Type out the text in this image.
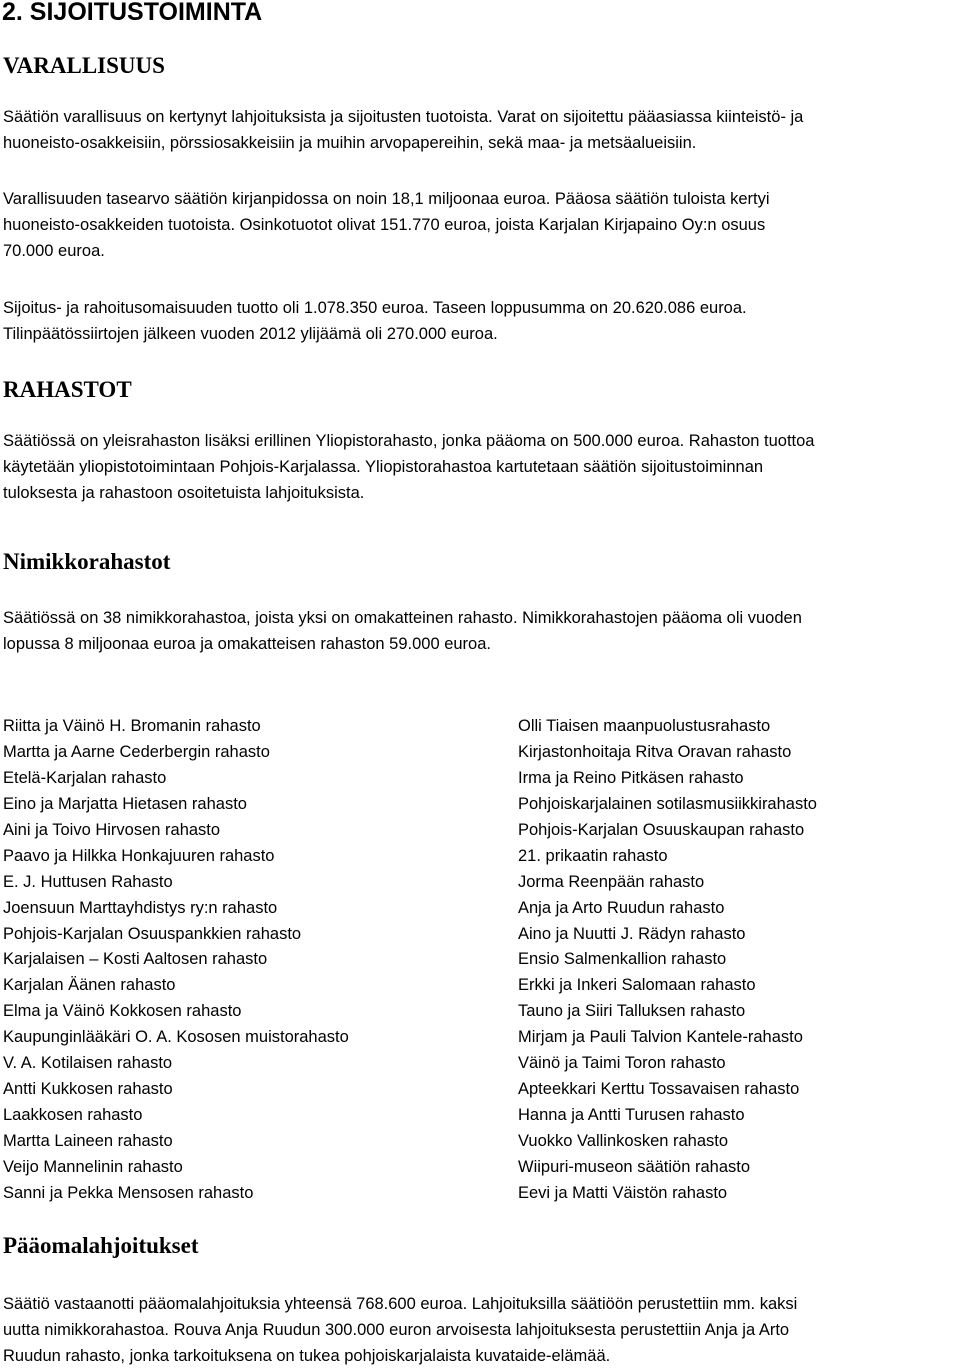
2. SIJOITUSTOIMINTA
VARALLISUUS
Säätiön varallisuus on kertynyt lahjoituksista ja sijoitusten tuotoista. Varat on sijoitettu pääasiassa kiinteistö- ja
huoneisto-osakkeisiin, pörssiosakkeisiin ja muihin arvopapereihin, sekä maa- ja metsäalueisiin.
Varallisuuden tasearvo säätiön kirjanpidossa on noin 18,1 miljoonaa euroa. Pääosa säätiön tuloista kertyi
huoneisto-osakkeiden tuotoista. Osinkotuotot olivat 151.770 euroa, joista Karjalan Kirjapaino Oy:n osuus
70.000 euroa.
Sijoitus- ja rahoitusomaisuuden tuotto oli 1.078.350 euroa. Taseen loppusumma on 20.620.086 euroa.
Tilinpäätössiirtojen jälkeen vuoden 2012 ylijäämä oli 270.000 euroa.
RAHASTOT
Säätiössä on yleisrahaston lisäksi erillinen Yliopistorahasto, jonka pääoma on 500.000 euroa. Rahaston tuottoa
käytetään yliopistotoimintaan Pohjois-Karjalassa. Yliopistorahastoa kartutetaan säätiön sijoitustoiminnan
tuloksesta ja rahastoon osoitetuista lahjoituksista.
Nimikkorahastot
Säätiössä on 38 nimikkorahastoa, joista yksi on omakatteinen rahasto. Nimikkorahastojen pääoma oli vuoden
lopussa 8 miljoonaa euroa ja omakatteisen rahaston 59.000 euroa.
Riitta ja Väinö H. Bromanin rahasto
Martta ja Aarne Cederbergin rahasto
Etelä-Karjalan rahasto
Eino ja Marjatta Hietasen rahasto
Aini ja Toivo Hirvosen rahasto
Paavo ja Hilkka Honkajuuren rahasto
E. J. Huttusen Rahasto
Joensuun Marttayhdistys ry:n rahasto
Pohjois-Karjalan Osuuspankkien rahasto
Karjalaisen – Kosti Aaltosen rahasto
Karjalan Äänen rahasto
Elma ja Väinö Kokkosen rahasto
Kaupunginlääkäri O. A. Kososen muistorahasto
V. A. Kotilaisen rahasto
Antti Kukkosen rahasto
Laakkosen rahasto
Martta Laineen rahasto
Veijo Mannelinin rahasto
Sanni ja Pekka Mensosen rahasto
Olli Tiaisen maanpuolustusrahasto
Kirjastonhoitaja Ritva Oravan rahasto
Irma ja Reino Pitkäsen rahasto
Pohjoiskarjalainen sotilasmusiikkirahasto
Pohjois-Karjalan Osuuskaupan rahasto
21. prikaatin rahasto
Jorma Reenpään rahasto
Anja ja Arto Ruudun rahasto
Aino ja Nuutti J. Rädyn rahasto
Ensio Salmenkallion rahasto
Erkki ja Inkeri Salomaan rahasto
Tauno ja Siiri Talluksen rahasto
Mirjam ja Pauli Talvion Kantele-rahasto
Väinö ja Taimi Toron rahasto
Apteekkari Kerttu Tossavaisen rahasto
Hanna ja Antti Turusen rahasto
Vuokko Vallinkosken rahasto
Wiipuri-museon säätiön rahasto
Eevi ja Matti Väistön rahasto
Pääomalahjoitukset
Säätiö vastaanotti pääomalahjoituksia yhteensä 768.600 euroa. Lahjoituksilla säätiöön perustettiin mm. kaksi
uutta nimikkorahastoa. Rouva Anja Ruudun 300.000 euron arvoisesta lahjoituksesta perustettiin Anja ja Arto
Ruudun rahasto, jonka tarkoituksena on tukea pohjoiskarjalaista kuvataide-elämää.
